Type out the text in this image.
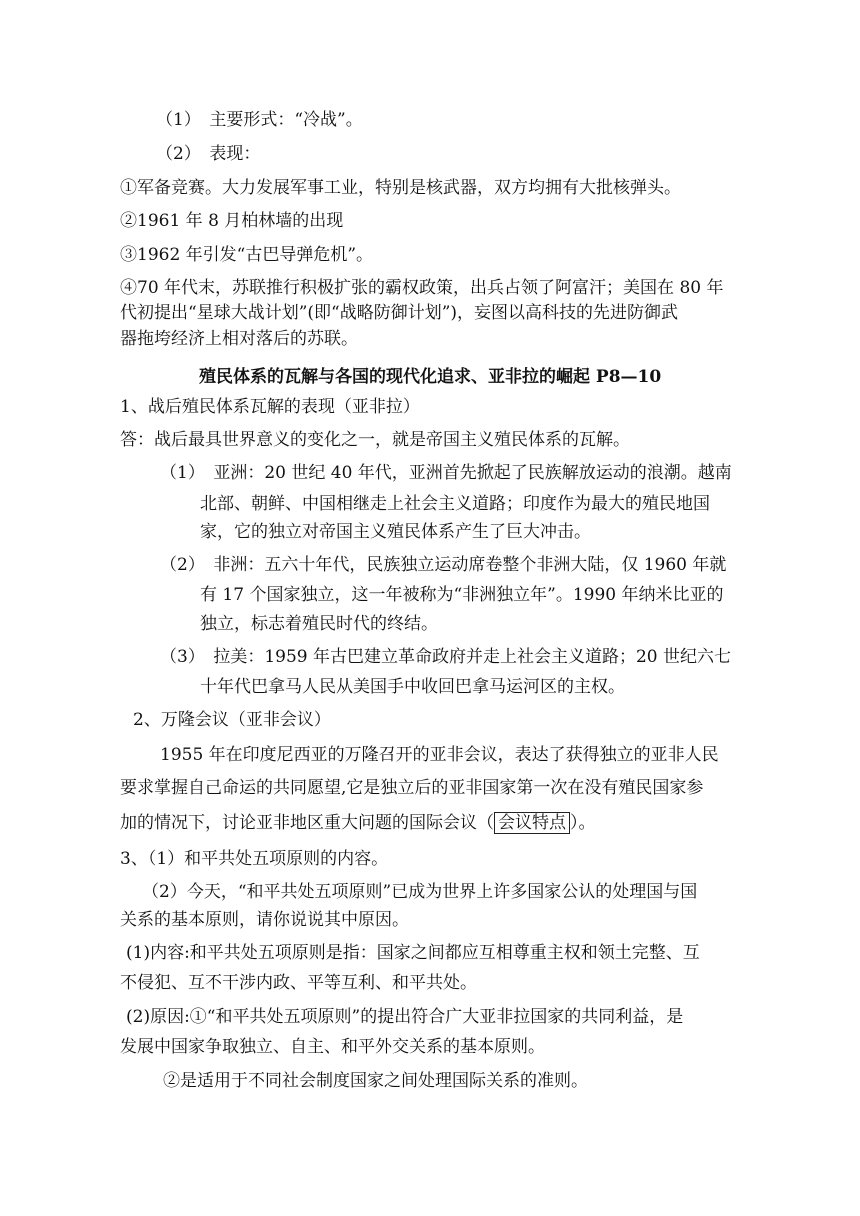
（1）　主要形式：“冷战”。
（2）　表现：
①军备竞赛。大力发展军事工业，特别是核武器，双方均拥有大批核弹头。
②1961 年 8 月柏林墙的出现
③1962 年引发“古巴导弹危机”。
④70 年代末，苏联推行积极扩张的霸权政策，出兵占领了阿富汗；美国在 80 年
代初提出“星球大战计划”(即“战略防御计划”)，妄图以高科技的先进防御武
器拖垮经济上相对落后的苏联。
殖民体系的瓦解与各国的现代化追求、亚非拉的崛起 P8—10
1、战后殖民体系瓦解的表现（亚非拉）
答：战后最具世界意义的变化之一，就是帝国主义殖民体系的瓦解。
（1）　亚洲：20 世纪 40 年代，亚洲首先掀起了民族解放运动的浪潮。越南
北部、朝鲜、中国相继走上社会主义道路；印度作为最大的殖民地国
家，它的独立对帝国主义殖民体系产生了巨大冲击。
（2）　非洲：五六十年代，民族独立运动席卷整个非洲大陆，仅 1960 年就
有 17 个国家独立，这一年被称为“非洲独立年”。1990 年纳米比亚的
独立，标志着殖民时代的终结。
（3）　拉美：1959 年古巴建立革命政府并走上社会主义道路；20 世纪六七
十年代巴拿马人民从美国手中收回巴拿马运河区的主权。
2、万隆会议（亚非会议）
1955 年在印度尼西亚的万隆召开的亚非会议，表达了获得独立的亚非人民
要求掌握自己命运的共同愿望,它是独立后的亚非国家第一次在没有殖民国家参
加的情况下，讨论亚非地区重大问题的国际会议（ 会议特点 ）。
3、（1）和平共处五项原则的内容。
（2）今天，“和平共处五项原则”已成为世界上许多国家公认的处理国与国
关系的基本原则，请你说说其中原因。
(1)内容:和平共处五项原则是指：国家之间都应互相尊重主权和领土完整、互
不侵犯、互不干涉内政、平等互利、和平共处。
(2)原因:①“和平共处五项原则”的提出符合广大亚非拉国家的共同利益，是
发展中国家争取独立、自主、和平外交关系的基本原则。
②是适用于不同社会制度国家之间处理国际关系的准则。
